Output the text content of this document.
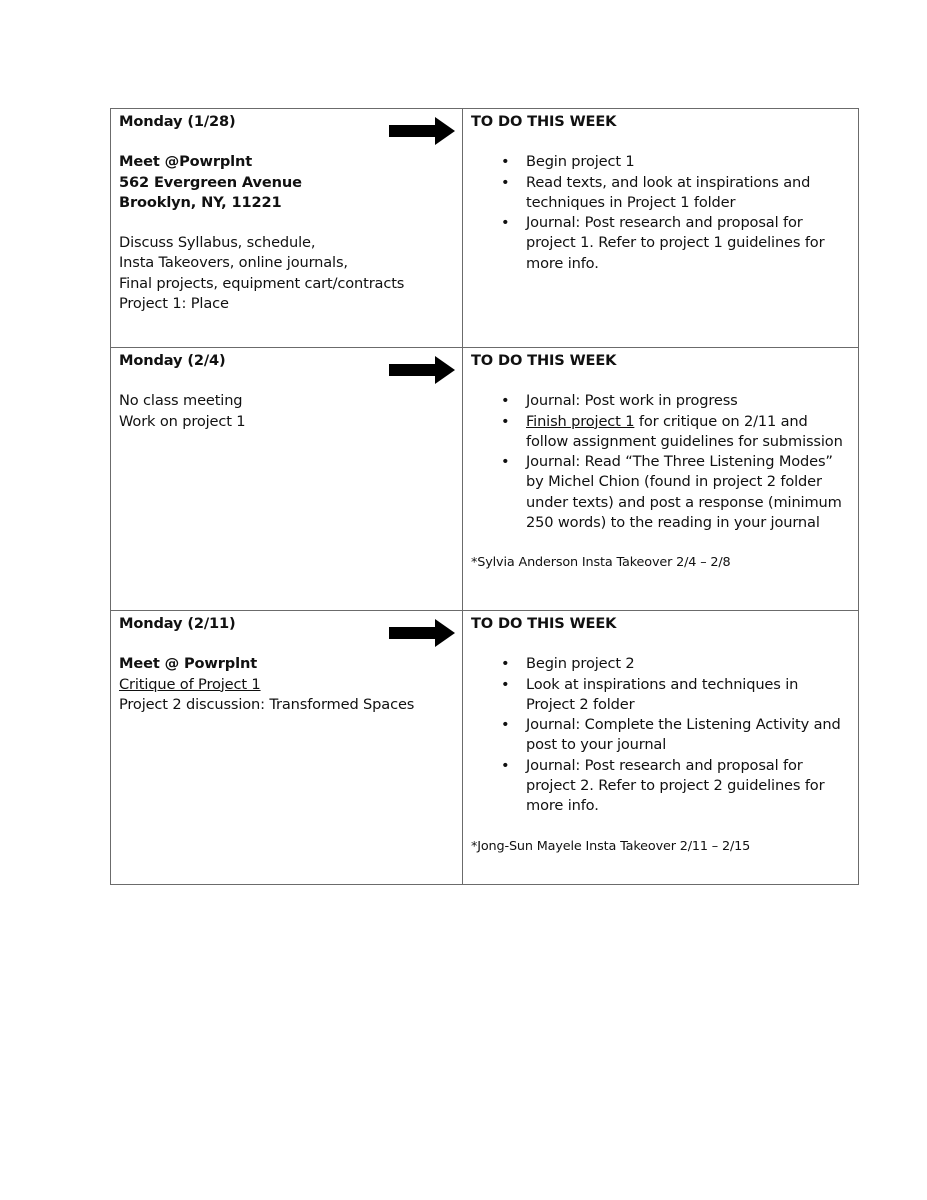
Monday (1/28)
Meet @Powrplnt
562 Evergreen Avenue
Brooklyn, NY, 11221
Discuss Syllabus, schedule,
Insta Takeovers, online journals,
Final projects, equipment cart/contracts
Project 1: Place

TO DO THIS WEEK
• Begin project 1
• Read texts, and look at inspirations and techniques in Project 1 folder
• Journal: Post research and proposal for project 1. Refer to project 1 guidelines for more info.

Monday (2/4)
No class meeting
Work on project 1

TO DO THIS WEEK
• Journal: Post work in progress
• Finish project 1 for critique on 2/11 and follow assignment guidelines for submission
• Journal: Read “The Three Listening Modes” by Michel Chion (found in project 2 folder under texts) and post a response (minimum 250 words) to the reading in your journal
*Sylvia Anderson Insta Takeover 2/4 – 2/8

Monday (2/11)
Meet @ Powrplnt
Critique of Project 1
Project 2 discussion: Transformed Spaces

TO DO THIS WEEK
• Begin project 2
• Look at inspirations and techniques in Project 2 folder
• Journal: Complete the Listening Activity and post to your journal
• Journal: Post research and proposal for project 2. Refer to project 2 guidelines for more info.
*Jong-Sun Mayele Insta Takeover 2/11 – 2/15
